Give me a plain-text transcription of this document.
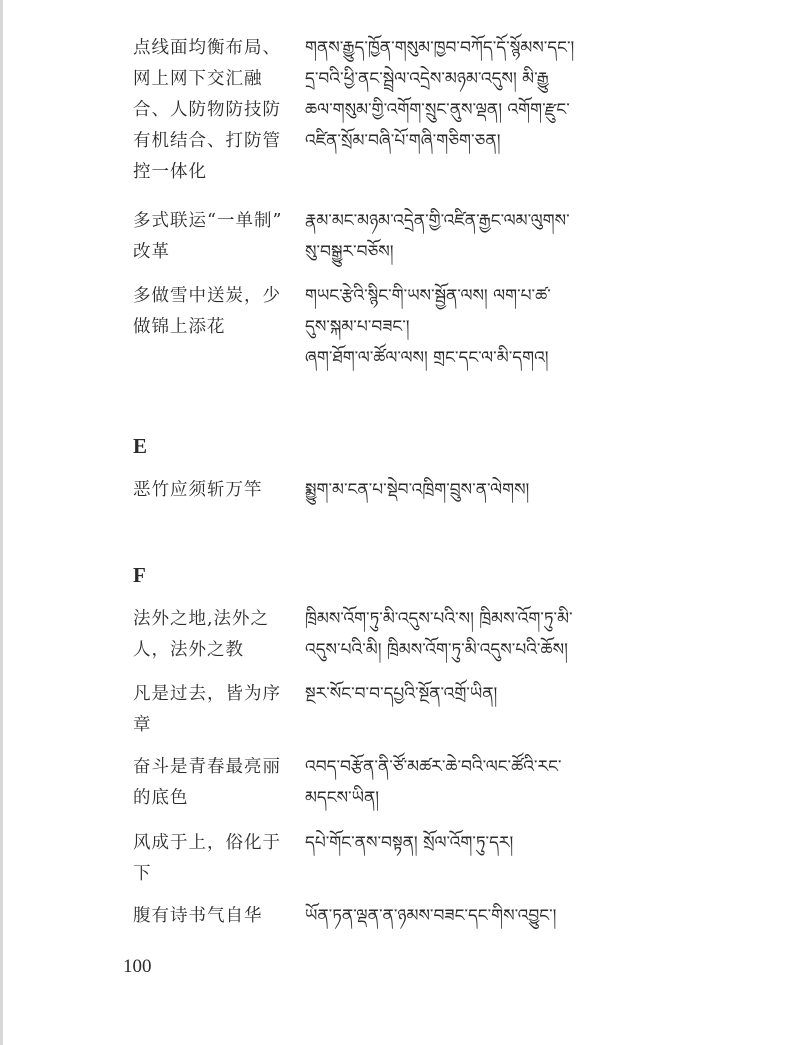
点线面均衡布局、
网上网下交汇融
合、人防物防技防
有机结合、打防管
控一体化
གནས་རྒྱུད་ཁྱོན་གསུམ་ཁྱབ་བཀོད་དོ་སྙོམས་དང་།
དྲ་བའི་ཕྱི་ནང་སྦྲེལ་འདྲེས་མཉམ་འདུས། མི་རྒྱུ
ཆལ་གསུམ་གྱི་འགོག་སྲུང་ནུས་ལྡན། འགོག་རྫུང་
འཛིན་སྲོམ་བཞི་པོ་གཞི་གཅིག་ཅན།
多式联运“一单制”
改革
རྣམ་མང་མཉམ་འདྲེན་གྱི་འཛིན་རྒྱང་ལམ་ལུགས་
སུ་བསྒྱུར་བཅོས།
多做雪中送炭，少
做锦上添花
གཡང་རྩེའི་སྙིང་གི་ཡས་སྦྱོན་ལས། ལག་པ་ཚ་
དུས་སྐམ་པ་བཟང་།
ཞག་ཐོག་ལ་ཚོལ་ལས། གྲང་དང་ལ་མི་དགའ།
E
恶竹应须斩万竿	སྨྱུག་མ་ངན་པ་སྡེབ་འཁྲིག་བྲུས་ན་ལེགས།
F
法外之地,法外之
人，法外之教
ཁྲིམས་འོག་ཏུ་མི་འདུས་པའི་ས། ཁྲིམས་འོག་ཏུ་མི་
འདུས་པའི་མི། ཁྲིམས་འོག་ཏུ་མི་འདུས་པའི་ཆོས།
凡是过去，皆为序
章
སྔར་སོང་བ་བ་དཔྱའི་སྔོན་འགྲོ་ཡིན།
奋斗是青春最亮丽
的底色
འབད་བརྩོན་ནི་ཙོ་མཚར་ཆེ་བའི་ལང་ཚོའི་རང་
མདངས་ཡིན།
风成于上，俗化于
下
དཔེ་གོང་ནས་བསྟན། སྲོལ་འོག་ཏུ་དར།
腹有诗书气自华	ཡོན་ཏན་ལྡན་ན་ཉམས་བཟང་དང་གིས་འབྱུང་།
100
